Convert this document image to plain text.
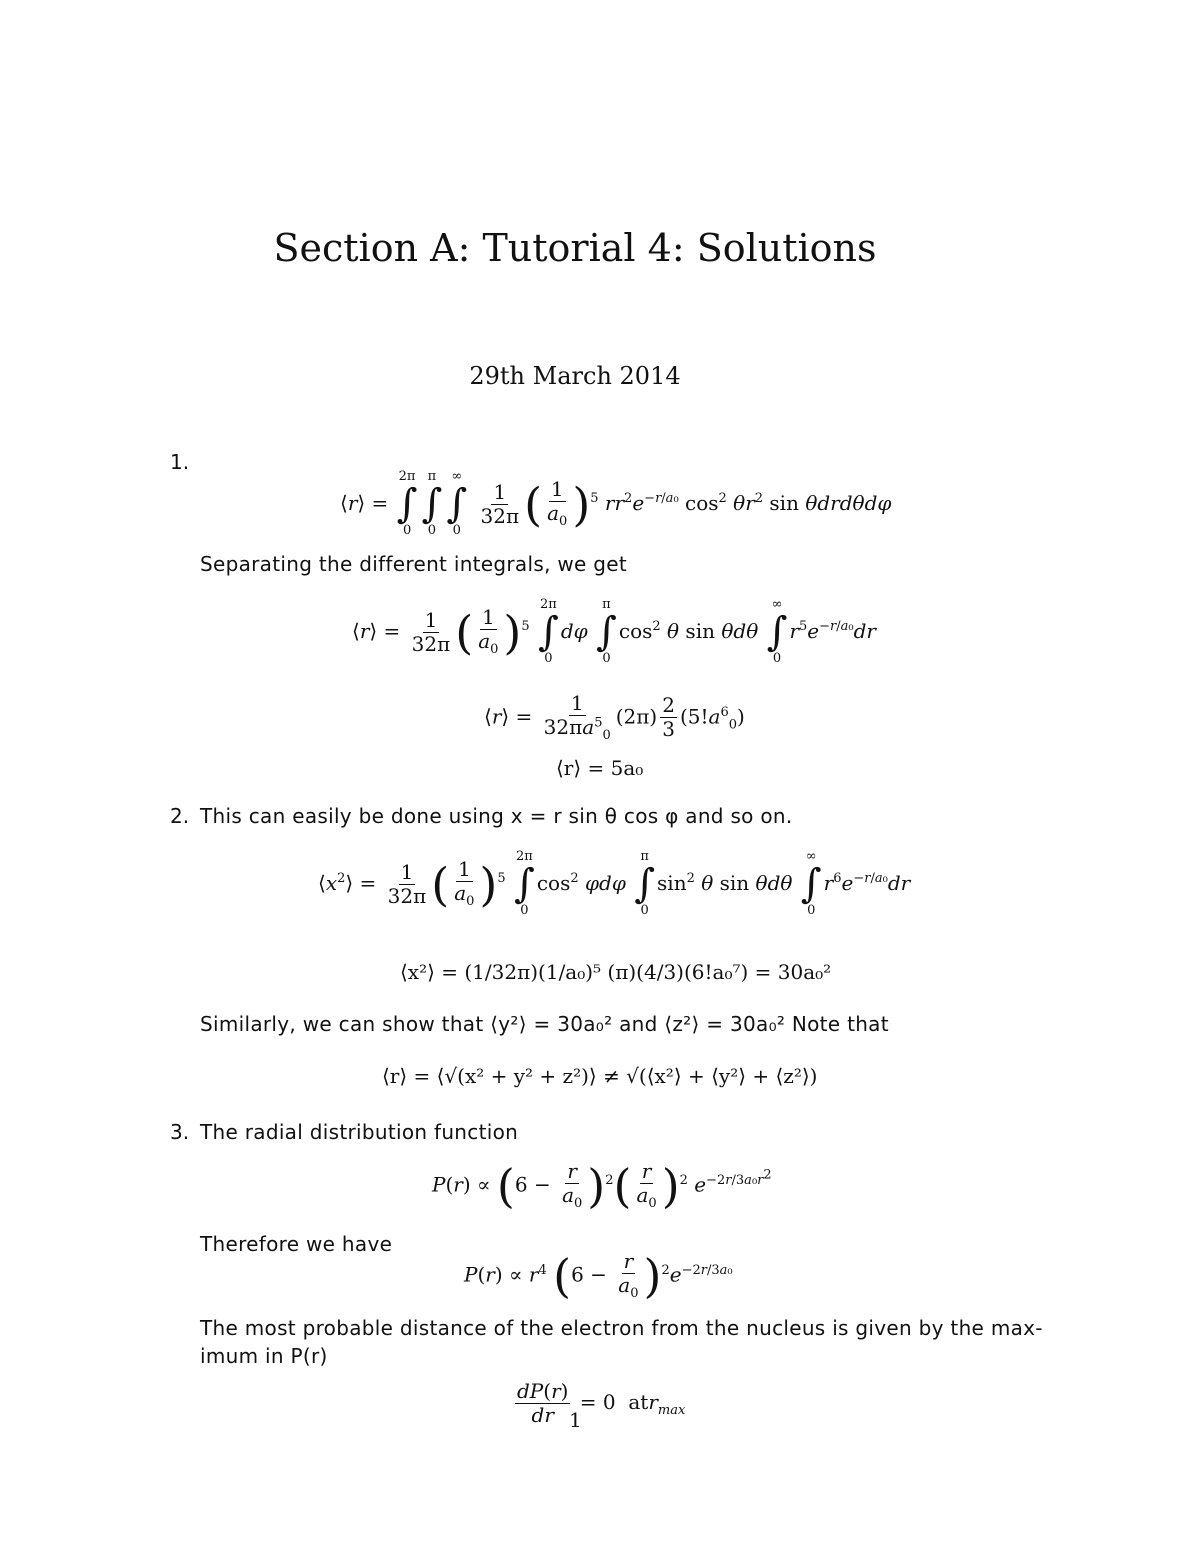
Section A: Tutorial 4: Solutions
29th March 2014
1.
⟨r⟩ =
2π
∫
0
π
∫
0
∞
∫
0

$\frac{1}{32\pi}$ ( $\frac{1}{a_0} )^5$ $rr^2e^{-r/a_0}$ $\cos^2 \theta r^2$ sin θdrdθdφ
Separating the different integrals, we get
⟨r⟩ = $\frac{1}{32\pi}$ ( $\frac{1}{a_0} )^5$
2π
∫
0
dφ
π
∫
0
$\cos^2 \theta$ sin θdθ
∞
∫
0
$r^5e^{-r/a_0}dr$
⟨r⟩ = $\frac{1}{32\pi a^5_0} (2\pi) \frac{2}{3} (5!a^6_0)$
⟨r⟩ = 5a₀
2. This can easily be done using x = r sin θ cos φ and so on.
$⟨x^2⟩ = \frac{1}{32\pi}$ ( $\frac{1}{a_0} )^5$
2π
∫
0
$\cos^2 \varphi d\varphi$
π
∫
0
$\sin^2 \theta$ sin θdθ
∞
∫
0
$r^6e^{-r/a_0}dr$
⟨x²⟩ = (1/32π)(1/a₀)⁵ (π)(4/3)(6!a₀⁷) = 30a₀²
Similarly, we can show that ⟨y²⟩ = 30a₀² and ⟨z²⟩ = 30a₀² Note that
⟨r⟩ = ⟨√(x² + y² + z²)⟩ ≠ √(⟨x²⟩ + ⟨y²⟩ + ⟨z²⟩)
3. The radial distribution function
$P(r) \propto (6 - \frac{r}{a_0} )^2( \frac{r}{a_0} )^2$ $e^{-2r/3a_0r^2}$
Therefore we have
$P(r) \propto r^4$ $(6 - \frac{r}{a_0} )^2e^{-2r/3a_0}$
The most probable distance of the electron from the nucleus is given by the max-
imum in P(r)
$\frac{dP(r)}{dr} = 0$  atr$_{max}$
1
